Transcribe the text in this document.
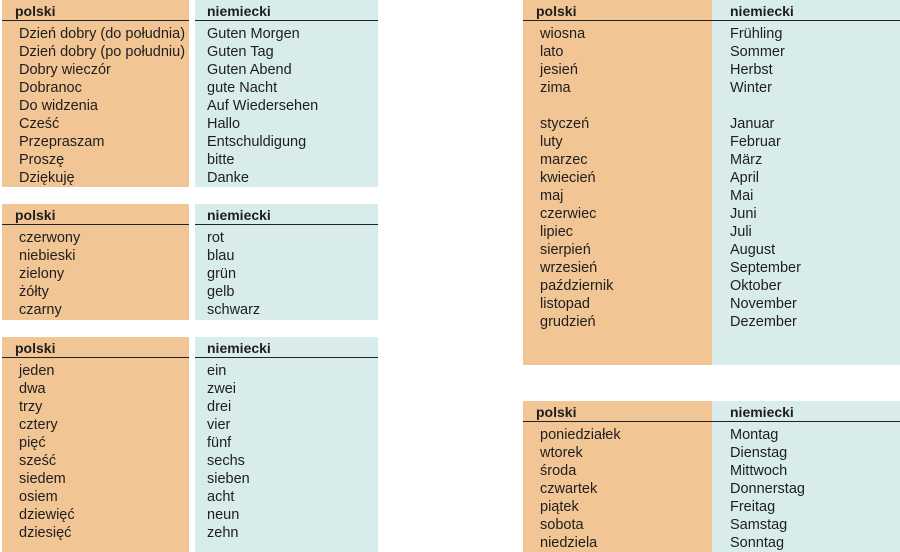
polski
Dzień dobry (do południa)
Dzień dobry (po południu)
Dobry wieczór
Dobranoc
Do widzenia
Cześć
Przepraszam
Proszę
Dziękuję
niemiecki
Guten Morgen
Guten Tag
Guten Abend
gute Nacht
Auf Wiedersehen
Hallo
Entschuldigung
bitte
Danke
polski
czerwony
niebieski
zielony
żółty
czarny
niemiecki
rot
blau
grün
gelb
schwarz
polski
jeden
dwa
trzy
cztery
pięć
sześć
siedem
osiem
dziewięć
dziesięć
niemiecki
ein
zwei
drei
vier
fünf
sechs
sieben
acht
neun
zehn
polski
wiosna
lato
jesień
zima
styczeń
luty
marzec
kwiecień
maj
czerwiec
lipiec
sierpień
wrzesień
październik
listopad
grudzień
niemiecki
Frühling
Sommer
Herbst
Winter
Januar
Februar
März
April
Mai
Juni
Juli
August
September
Oktober
November
Dezember
polski
poniedziałek
wtorek
środa
czwartek
piątek
sobota
niedziela
niemiecki
Montag
Dienstag
Mittwoch
Donnerstag
Freitag
Samstag
Sonntag
